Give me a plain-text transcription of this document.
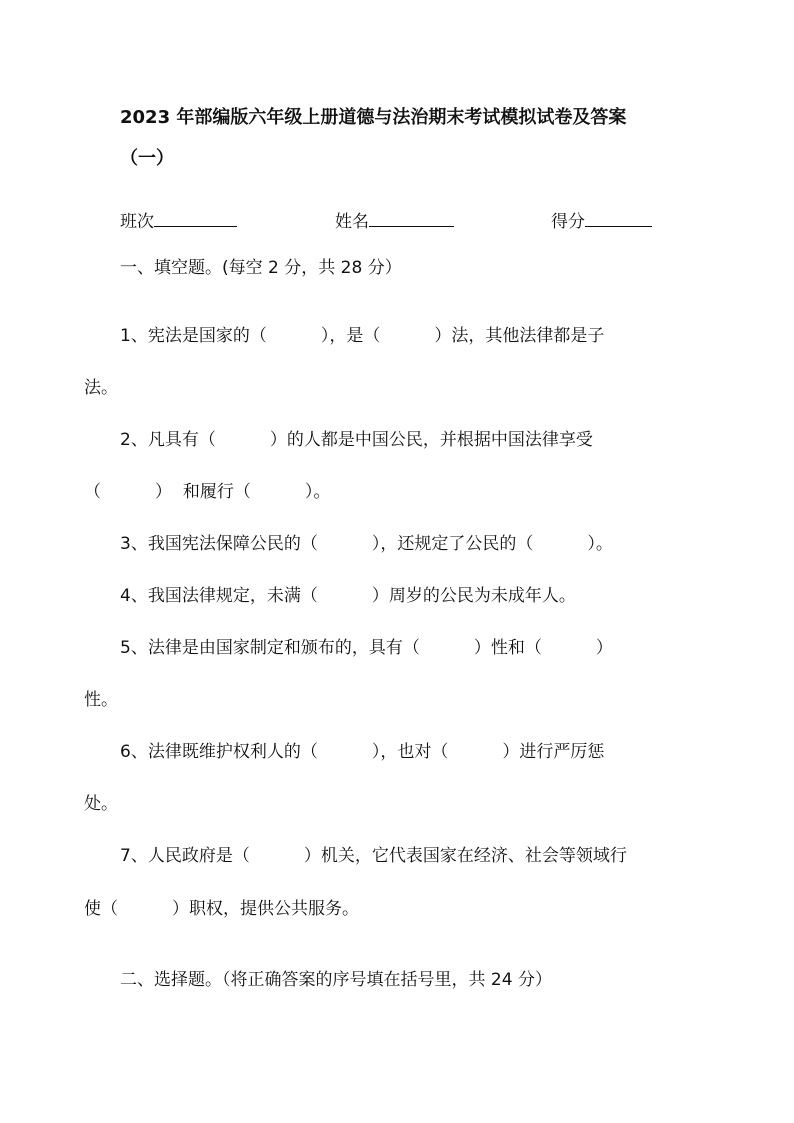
2023 年部编版六年级上册道德与法治期末考试模拟试卷及答案
（一）
班次	姓名	得分
一、填空题。(每空 2 分，共 28 分）
1、宪法是国家的（          ），是（          ）法，其他法律都是子
法。
2、凡具有（          ）的人都是中国公民，并根据中国法律享受
（          ）  和履行（          ）。
3、我国宪法保障公民的（          ），还规定了公民的（          ）。
4、我国法律规定，未满（          ）周岁的公民为未成年人。
5、法律是由国家制定和颁布的，具有（          ）性和（          ）
性。
6、法律既维护权利人的（          ），也对（          ）进行严厉惩
处。
7、人民政府是（          ）机关，它代表国家在经济、社会等领域行
使（          ）职权，提供公共服务。
二、选择题。（将正确答案的序号填在括号里，共 24 分）
